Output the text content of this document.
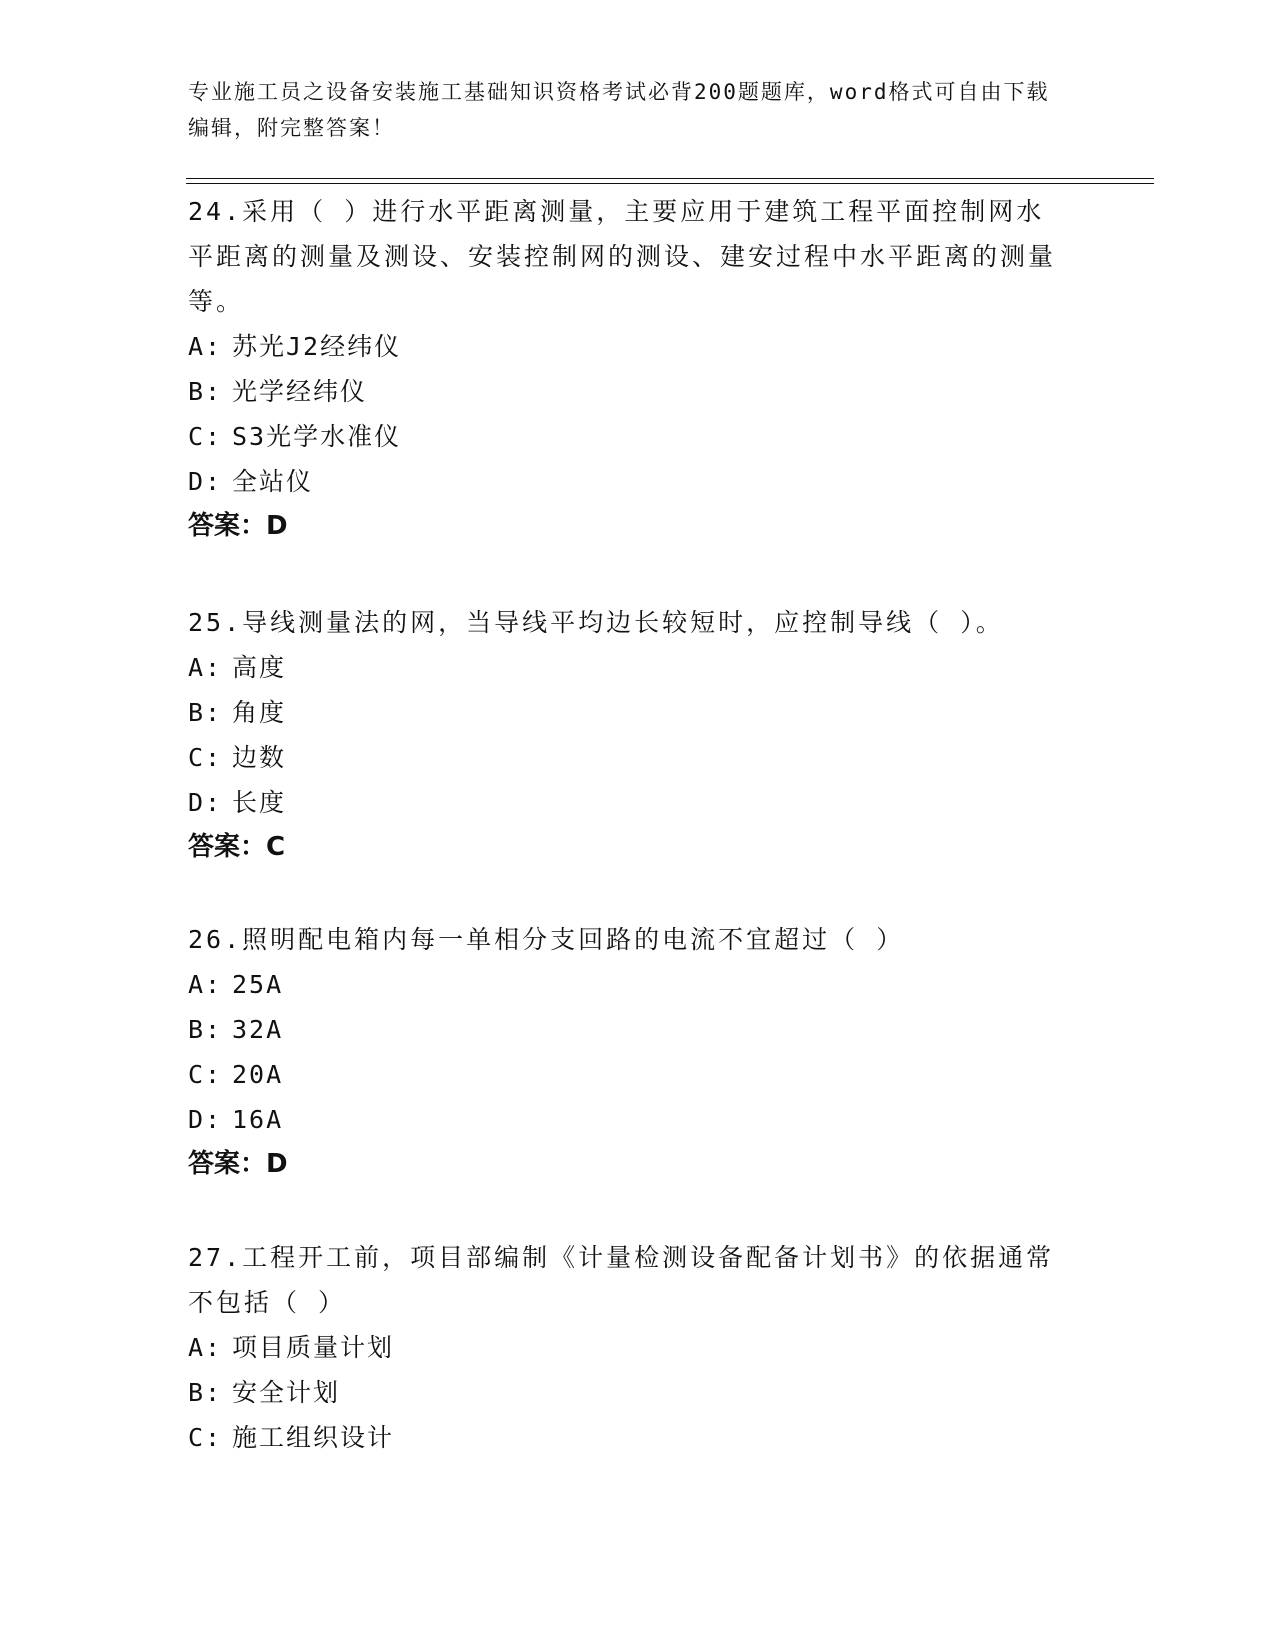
专业施工员之设备安装施工基础知识资格考试必背200题题库，word格式可自由下载编辑，附完整答案！

24.采用（ ）进行水平距离测量，主要应用于建筑工程平面控制网水平距离的测量及测设、安装控制网的测设、建安过程中水平距离的测量等。

A: 苏光J2经纬仪

B: 光学经纬仪

C: S3光学水准仪

D: 全站仪

答案：D

25.导线测量法的网，当导线平均边长较短时，应控制导线（ ）。

A: 高度

B: 角度

C: 边数

D: 长度

答案：C

26.照明配电箱内每一单相分支回路的电流不宜超过（ ）

A: 25A

B: 32A

C: 20A

D: 16A

答案：D

27.工程开工前，项目部编制《计量检测设备配备计划书》的依据通常不包括（ ）

A: 项目质量计划

B: 安全计划

C: 施工组织设计
